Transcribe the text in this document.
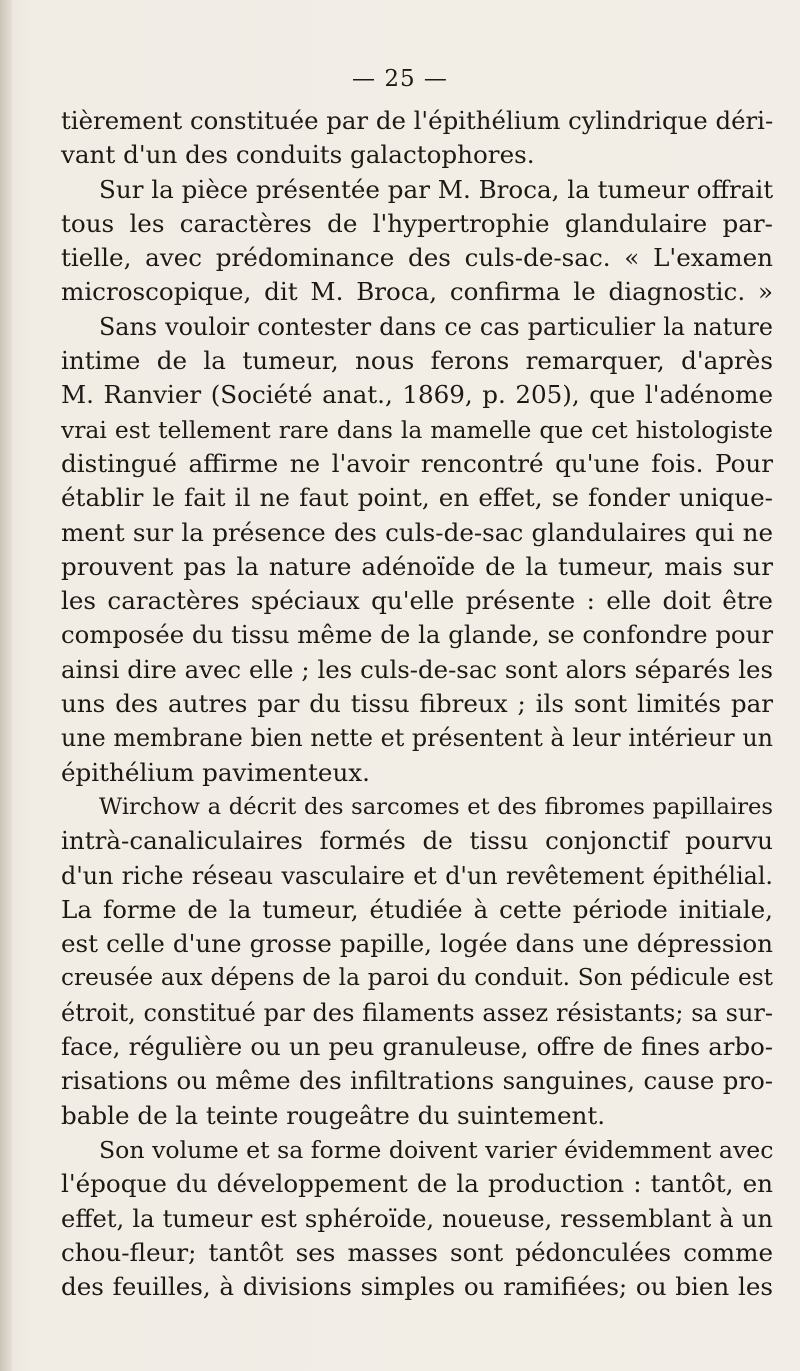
— 25 —
tièrement constituée par de l'épithélium cylindrique déri-
vant d'un des conduits galactophores.
Sur la pièce présentée par M. Broca, la tumeur offrait
tous les caractères de l'hypertrophie glandulaire par-
tielle, avec prédominance des culs-de-sac. « L'examen
microscopique, dit M. Broca, confirma le diagnostic. »
Sans vouloir contester dans ce cas particulier la nature
intime de la tumeur, nous ferons remarquer, d'après
M. Ranvier (Société anat., 1869, p. 205), que l'adénome
vrai est tellement rare dans la mamelle que cet histologiste
distingué affirme ne l'avoir rencontré qu'une fois. Pour
établir le fait il ne faut point, en effet, se fonder unique-
ment sur la présence des culs-de-sac glandulaires qui ne
prouvent pas la nature adénoïde de la tumeur, mais sur
les caractères spéciaux qu'elle présente : elle doit être
composée du tissu même de la glande, se confondre pour
ainsi dire avec elle ; les culs-de-sac sont alors séparés les
uns des autres par du tissu fibreux ; ils sont limités par
une membrane bien nette et présentent à leur intérieur un
épithélium pavimenteux.
Wirchow a décrit des sarcomes et des fibromes papillaires
intrà-canaliculaires formés de tissu conjonctif pourvu
d'un riche réseau vasculaire et d'un revêtement épithélial.
La forme de la tumeur, étudiée à cette période initiale,
est celle d'une grosse papille, logée dans une dépression
creusée aux dépens de la paroi du conduit. Son pédicule est
étroit, constitué par des filaments assez résistants; sa sur-
face, régulière ou un peu granuleuse, offre de fines arbo-
risations ou même des infiltrations sanguines, cause pro-
bable de la teinte rougeâtre du suintement.
Son volume et sa forme doivent varier évidemment avec
l'époque du développement de la production : tantôt, en
effet, la tumeur est sphéroïde, noueuse, ressemblant à un
chou-fleur; tantôt ses masses sont pédonculées comme
des feuilles, à divisions simples ou ramifiées; ou bien les
